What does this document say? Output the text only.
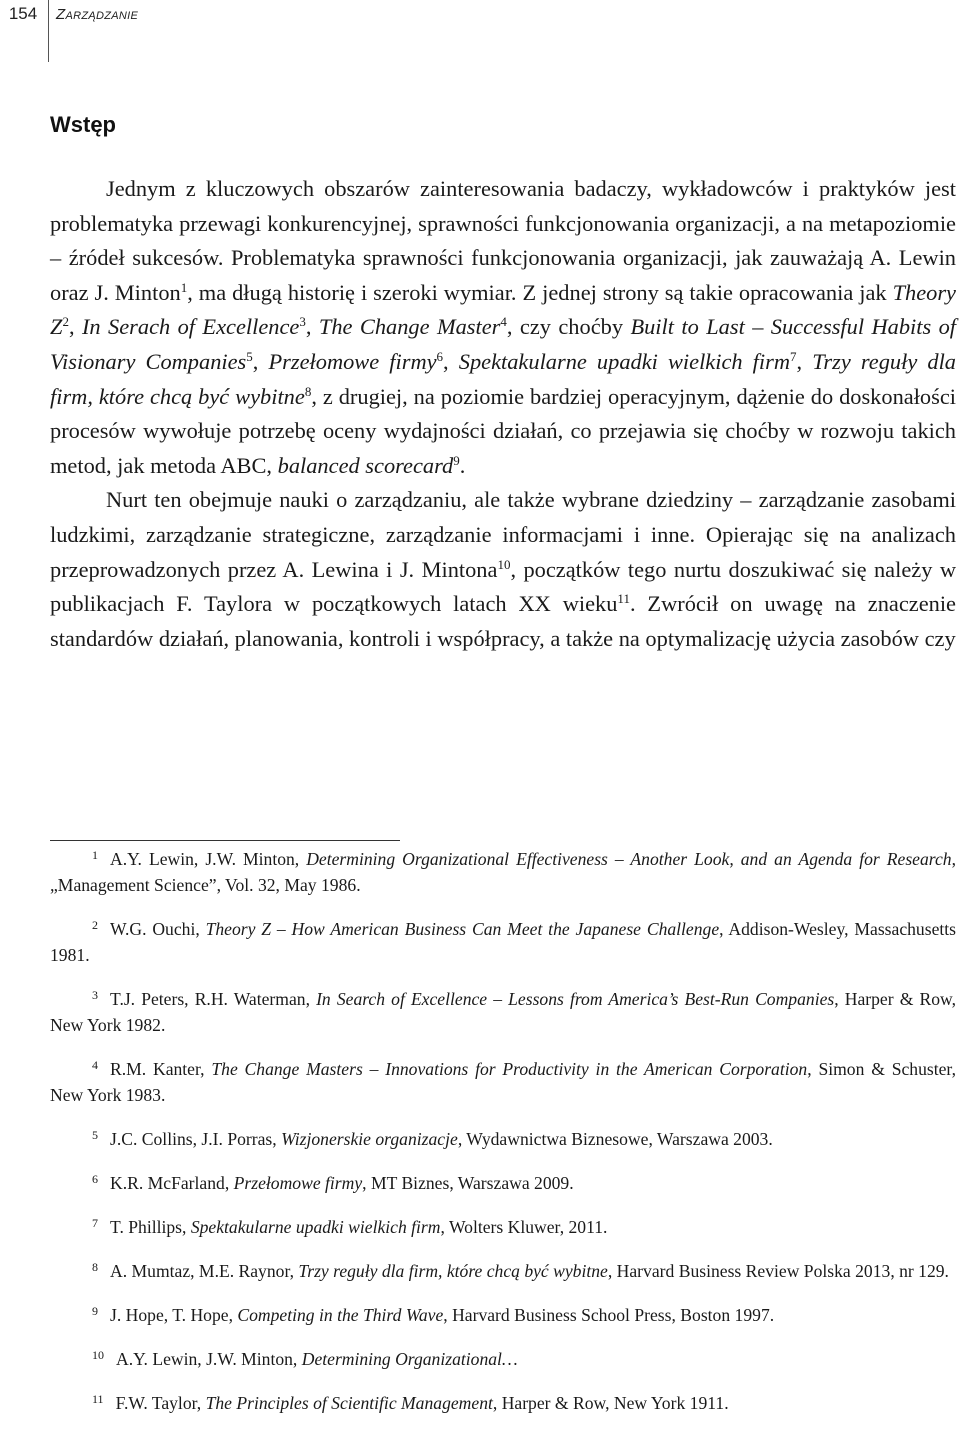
154	Zarządzanie
Wstęp

Jednym z kluczowych obszarów zainteresowania badaczy, wykładowców i praktyków jest problematyka przewagi konkurencyjnej, sprawności funkcjonowania organizacji, a na metapoziomie – źródeł sukcesów. Problematyka sprawności funkcjonowania organizacji, jak zauważają A. Lewin oraz J. Minton$^1$, ma długą historię i szeroki wymiar. Z jednej strony są takie opracowania jak Theory $Z^2$, In Serach of Excellence$^3$, The Change Master$^4$, czy choćby Built to Last – Successful Habits of Visionary Companies$^5$, Przełomowe firmy$^6$, Spektakularne upadki wielkich firm$^7$, Trzy reguły dla firm, które chcą być wybitne$^8$, z drugiej, na poziomie bardziej operacyjnym, dążenie do doskonałości procesów wywołuje potrzebę oceny wydajności działań, co przejawia się choćby w rozwoju takich metod, jak metoda ABC, balanced scorecard$^9$.

Nurt ten obejmuje nauki o zarządzaniu, ale także wybrane dziedziny – zarządzanie zasobami ludzkimi, zarządzanie strategiczne, zarządzanie informacjami i inne. Opierając się na analizach przeprowadzonych przez A. Lewina i J. Mintona$^{10}$, początków tego nurtu doszukiwać się należy w publikacjach F. Taylora w początkowych latach XX wieku$^{11}$. Zwrócił on uwagę na znaczenie standardów działań, planowania, kontroli i współpracy, a także na optymalizację użycia zasobów czy

$^1$ A.Y. Lewin, J.W. Minton, Determining Organizational Effectiveness – Another Look, and an Agenda for Research, „Management Science”, Vol. 32, May 1986.
$^2$ W.G. Ouchi, Theory Z – How American Business Can Meet the Japanese Challenge, Addison-Wesley, Massachusetts 1981.
$^3$ T.J. Peters, R.H. Waterman, In Search of Excellence – Lessons from America’s Best-Run Companies, Harper & Row, New York 1982.
$^4$ R.M. Kanter, The Change Masters – Innovations for Productivity in the American Corporation, Simon & Schuster, New York 1983.
$^5$ J.C. Collins, J.I. Porras, Wizjonerskie organizacje, Wydawnictwa Biznesowe, Warszawa 2003.
$^6$ K.R. McFarland, Przełomowe firmy, MT Biznes, Warszawa 2009.
$^7$ T. Phillips, Spektakularne upadki wielkich firm, Wolters Kluwer, 2011.
$^8$ A. Mumtaz, M.E. Raynor, Trzy reguły dla firm, które chcą być wybitne, Harvard Business Review Polska 2013, nr 129.
$^9$ J. Hope, T. Hope, Competing in the Third Wave, Harvard Business School Press, Boston 1997.
$^{10}$ A.Y. Lewin, J.W. Minton, Determining Organizational…
$^{11}$ F.W. Taylor, The Principles of Scientific Management, Harper & Row, New York 1911.
